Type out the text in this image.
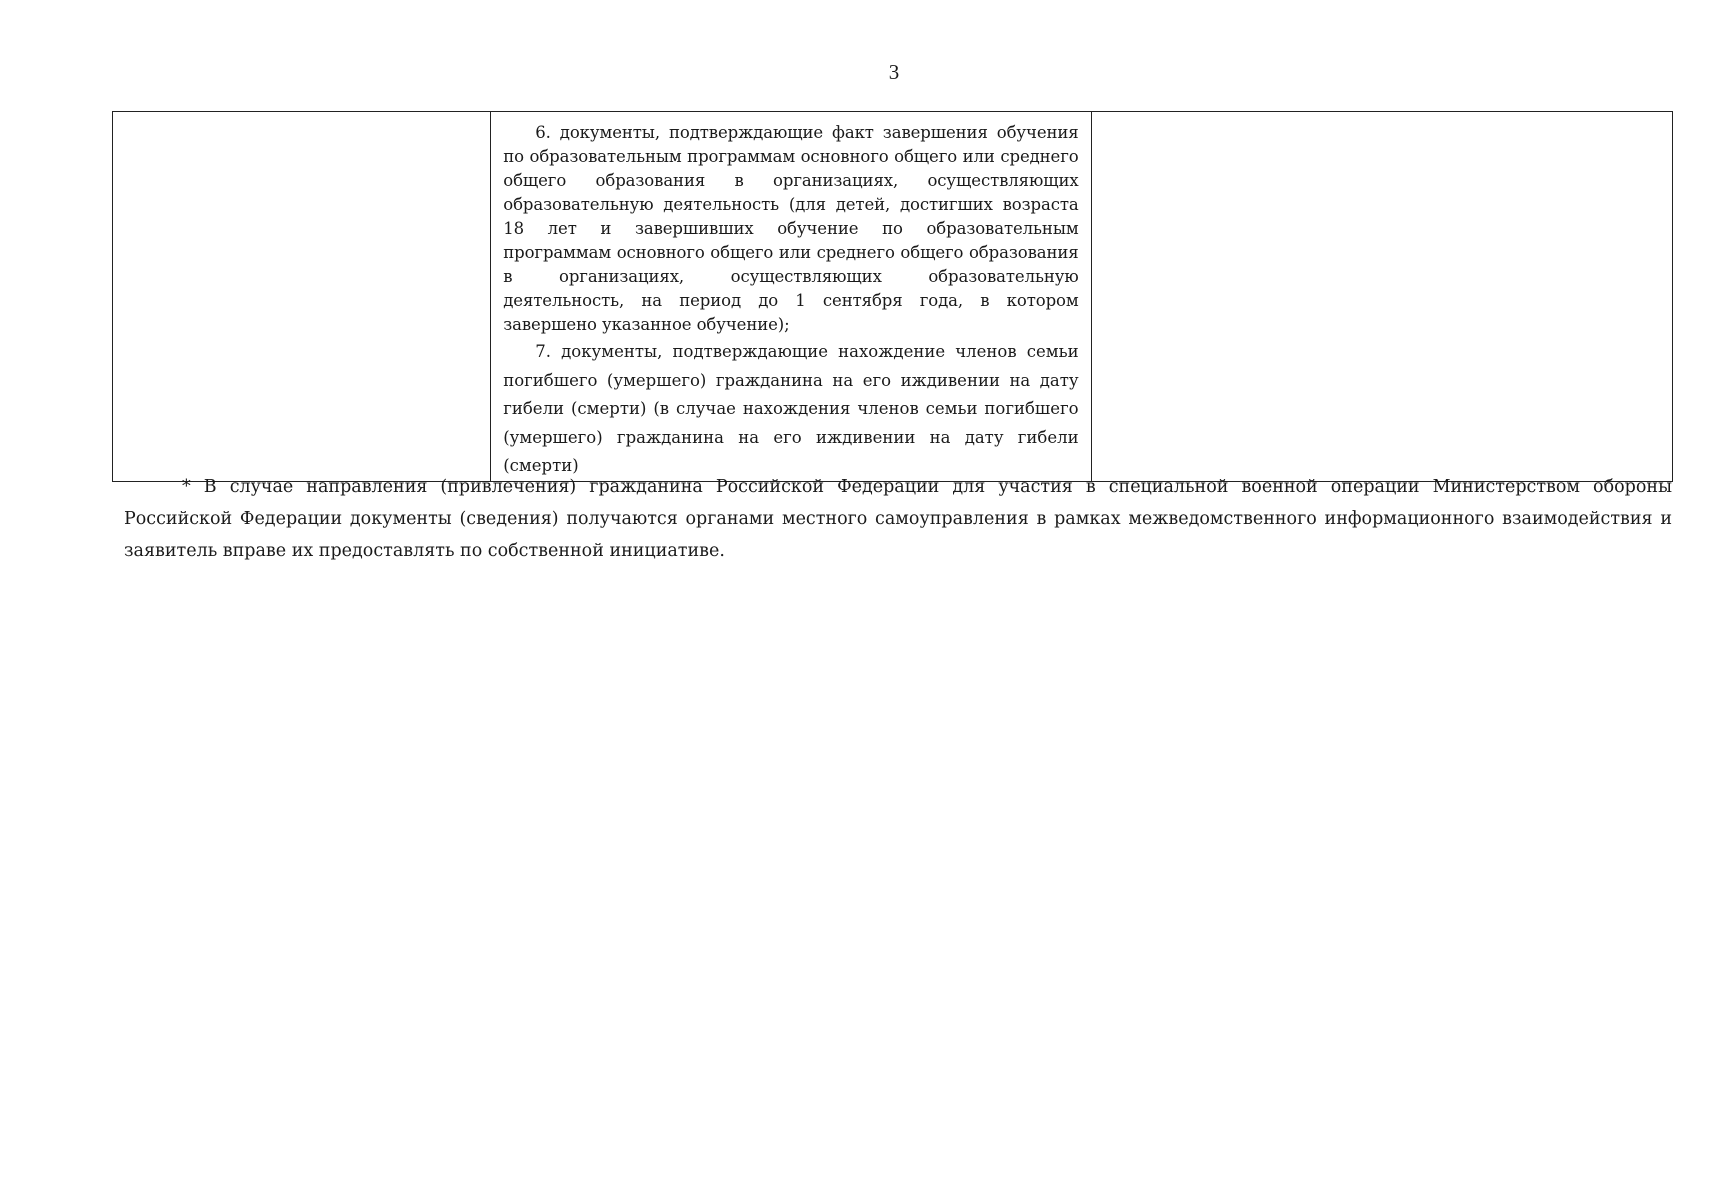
3

6. документы, подтверждающие факт завершения обучения по образовательным программам основного общего или среднего общего образования в организациях, осуществляющих образовательную деятельность (для детей, достигших возраста 18 лет и завершивших обучение по образовательным программам основного общего или среднего общего образования в организациях, осуществляющих образовательную деятельность, на период до 1 сентября года, в котором завершено указанное обучение);

7. документы, подтверждающие нахождение членов семьи погибшего (умершего) гражданина на его иждивении на дату гибели (смерти) (в случае нахождения членов семьи погибшего (умершего) гражданина на его иждивении на дату гибели (смерти)

* В случае направления (привлечения) гражданина Российской Федерации для участия в специальной военной операции Министерством обороны Российской Федерации документы (сведения) получаются органами местного самоуправления в рамках межведомственного информационного взаимодействия и заявитель вправе их предоставлять по собственной инициативе.
